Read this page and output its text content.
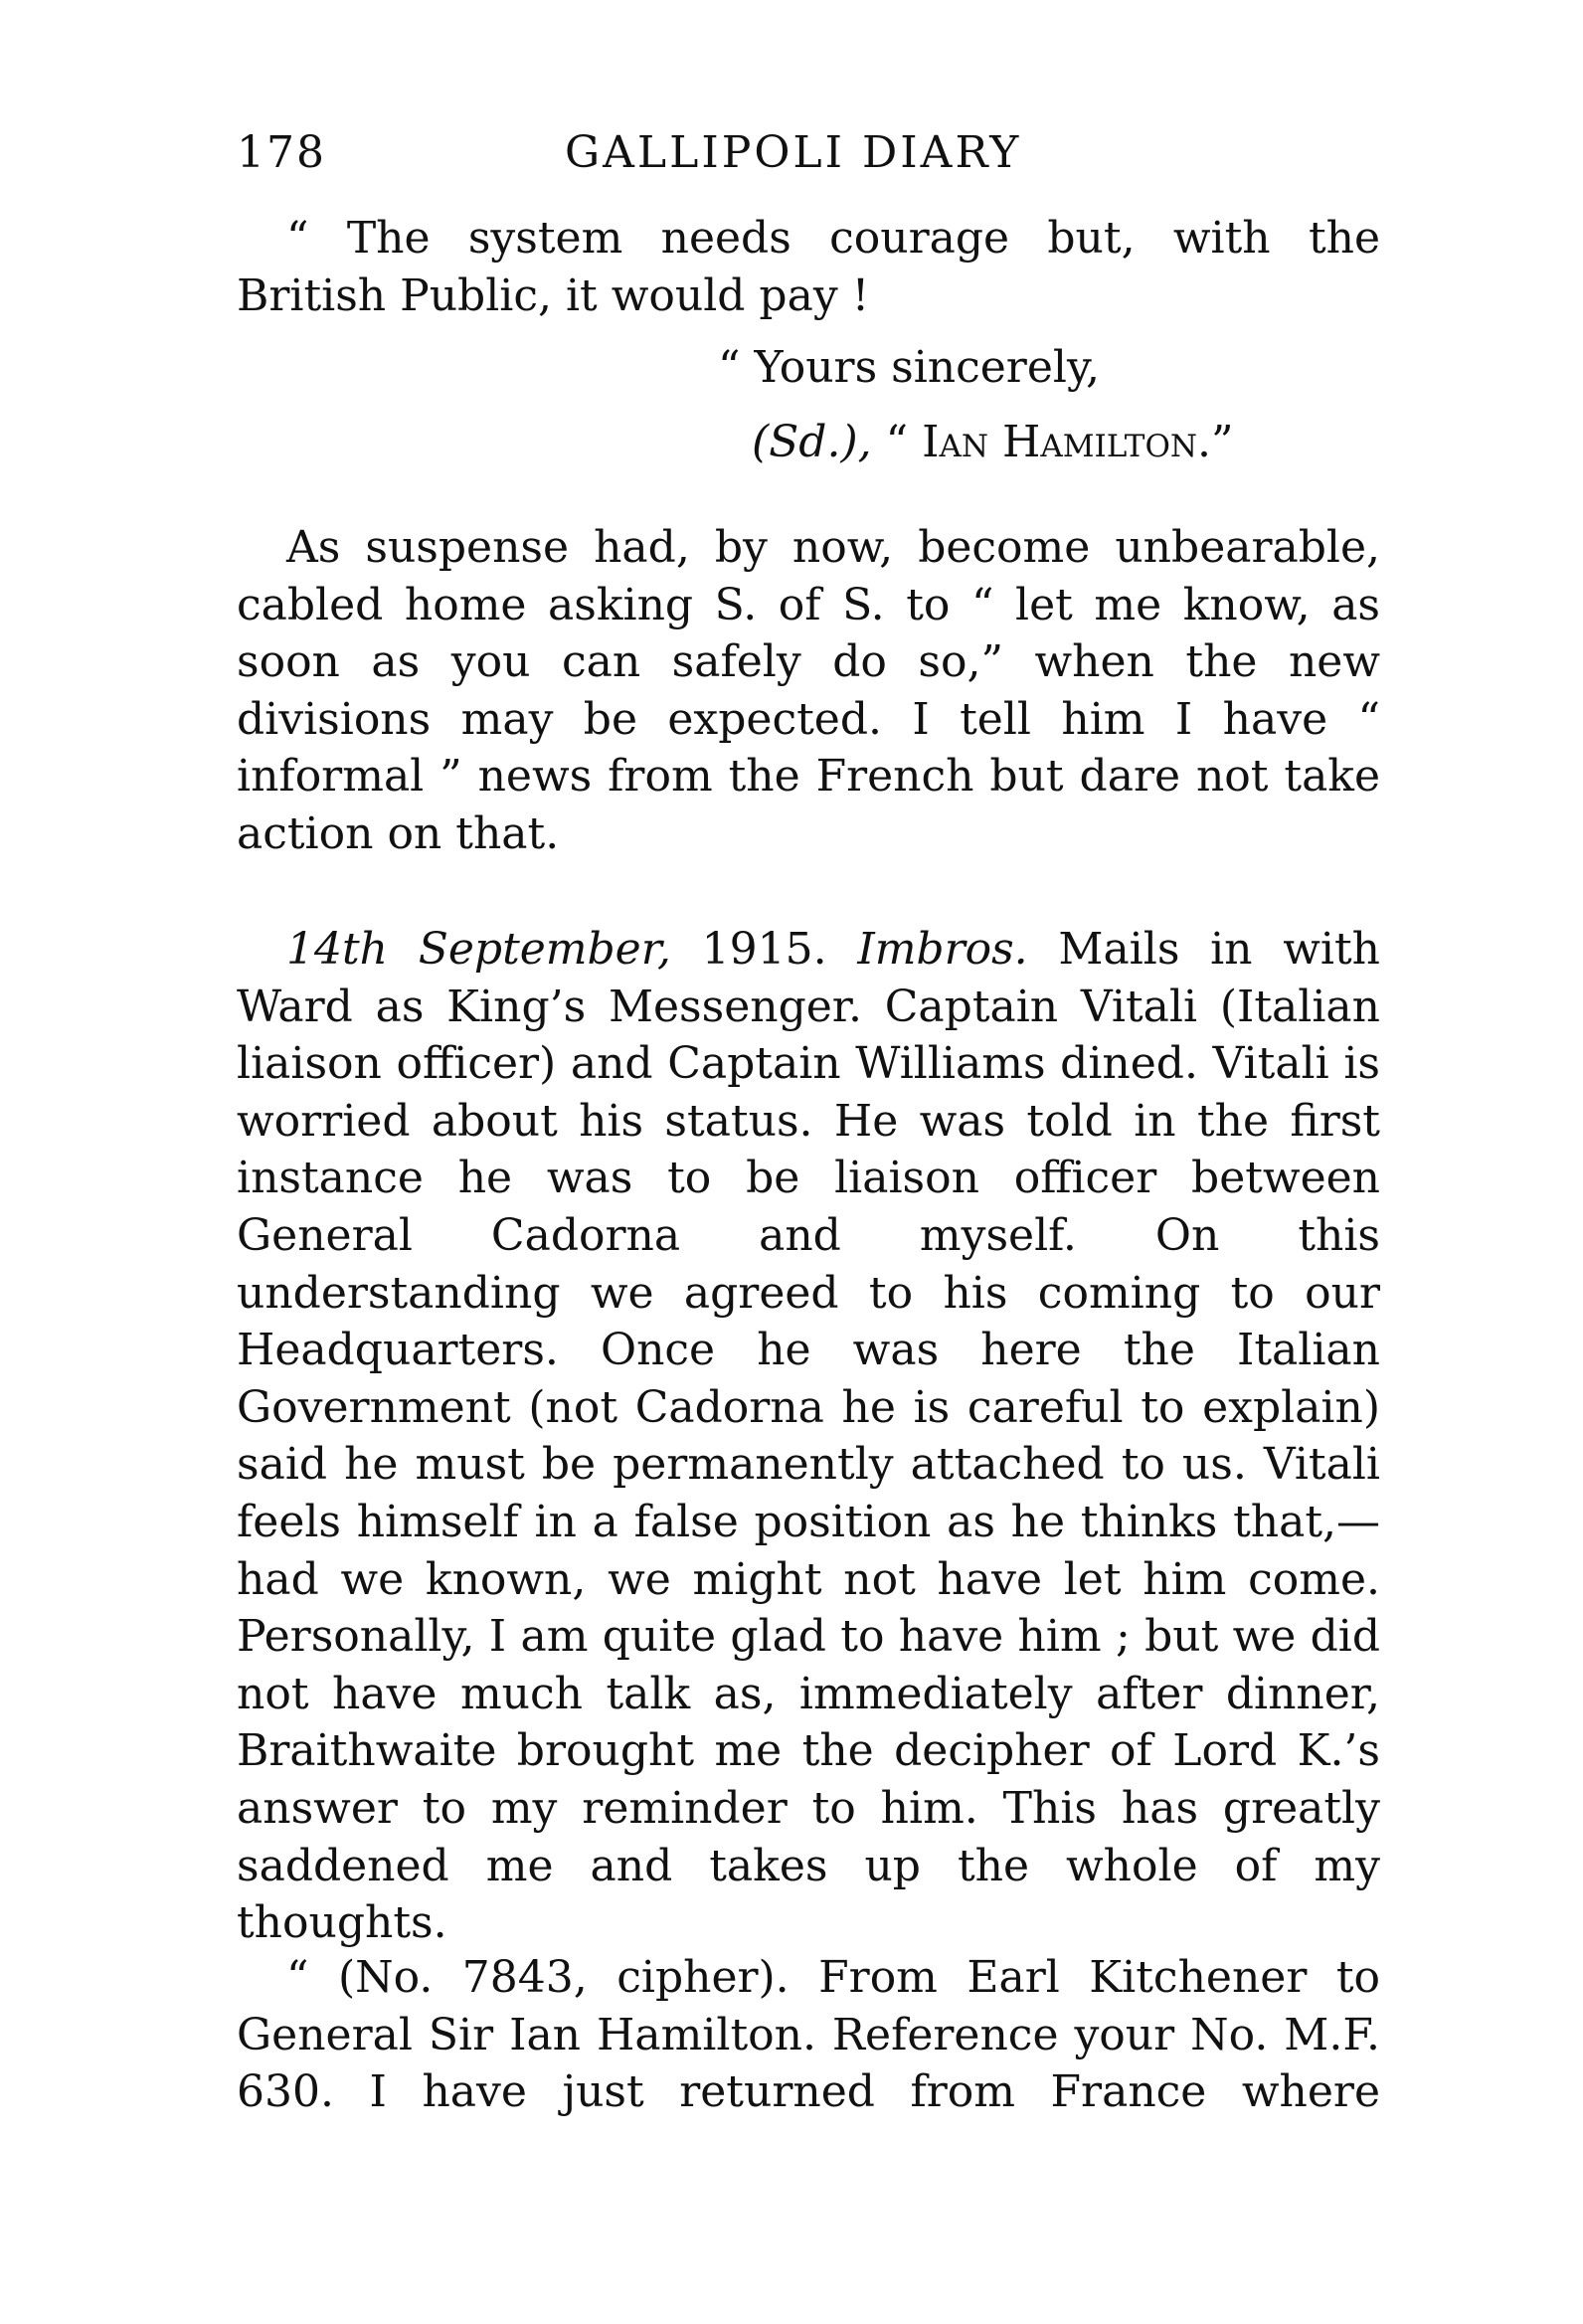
178	GALLIPOLI DIARY

“ The system needs courage but, with the

British Public, it would pay !

“ Yours sincerely,
(Sd.), “ Ian Hamilton.”

As suspense had, by now, become unbearable, cabled home asking S. of S. to “ let me know, as soon as you can safely do so,” when the new divisions may be expected. I tell him I have “ informal ” news from the French but dare not take action on that.

14th September, 1915. Imbros. Mails in with Ward as King’s Messenger. Captain Vitali (Italian liaison officer) and Captain Williams dined. Vitali is worried about his status. He was told in the first instance he was to be liaison officer between General Cadorna and myself. On this understanding we agreed to his coming to our Headquarters. Once he was here the Italian Government (not Cadorna he is careful to explain) said he must be permanently attached to us. Vitali feels himself in a false position as he thinks that,—had we known, we might not have let him come. Personally, I am quite glad to have him ; but we did not have much talk as, immediately after dinner, Braithwaite brought me the decipher of Lord K.’s answer to my reminder to him. This has greatly saddened me and takes up the whole of my thoughts.

“ (No. 7843, cipher). From Earl Kitchener to General Sir Ian Hamilton. Reference your No. M.F. 630. I have just returned from France where
